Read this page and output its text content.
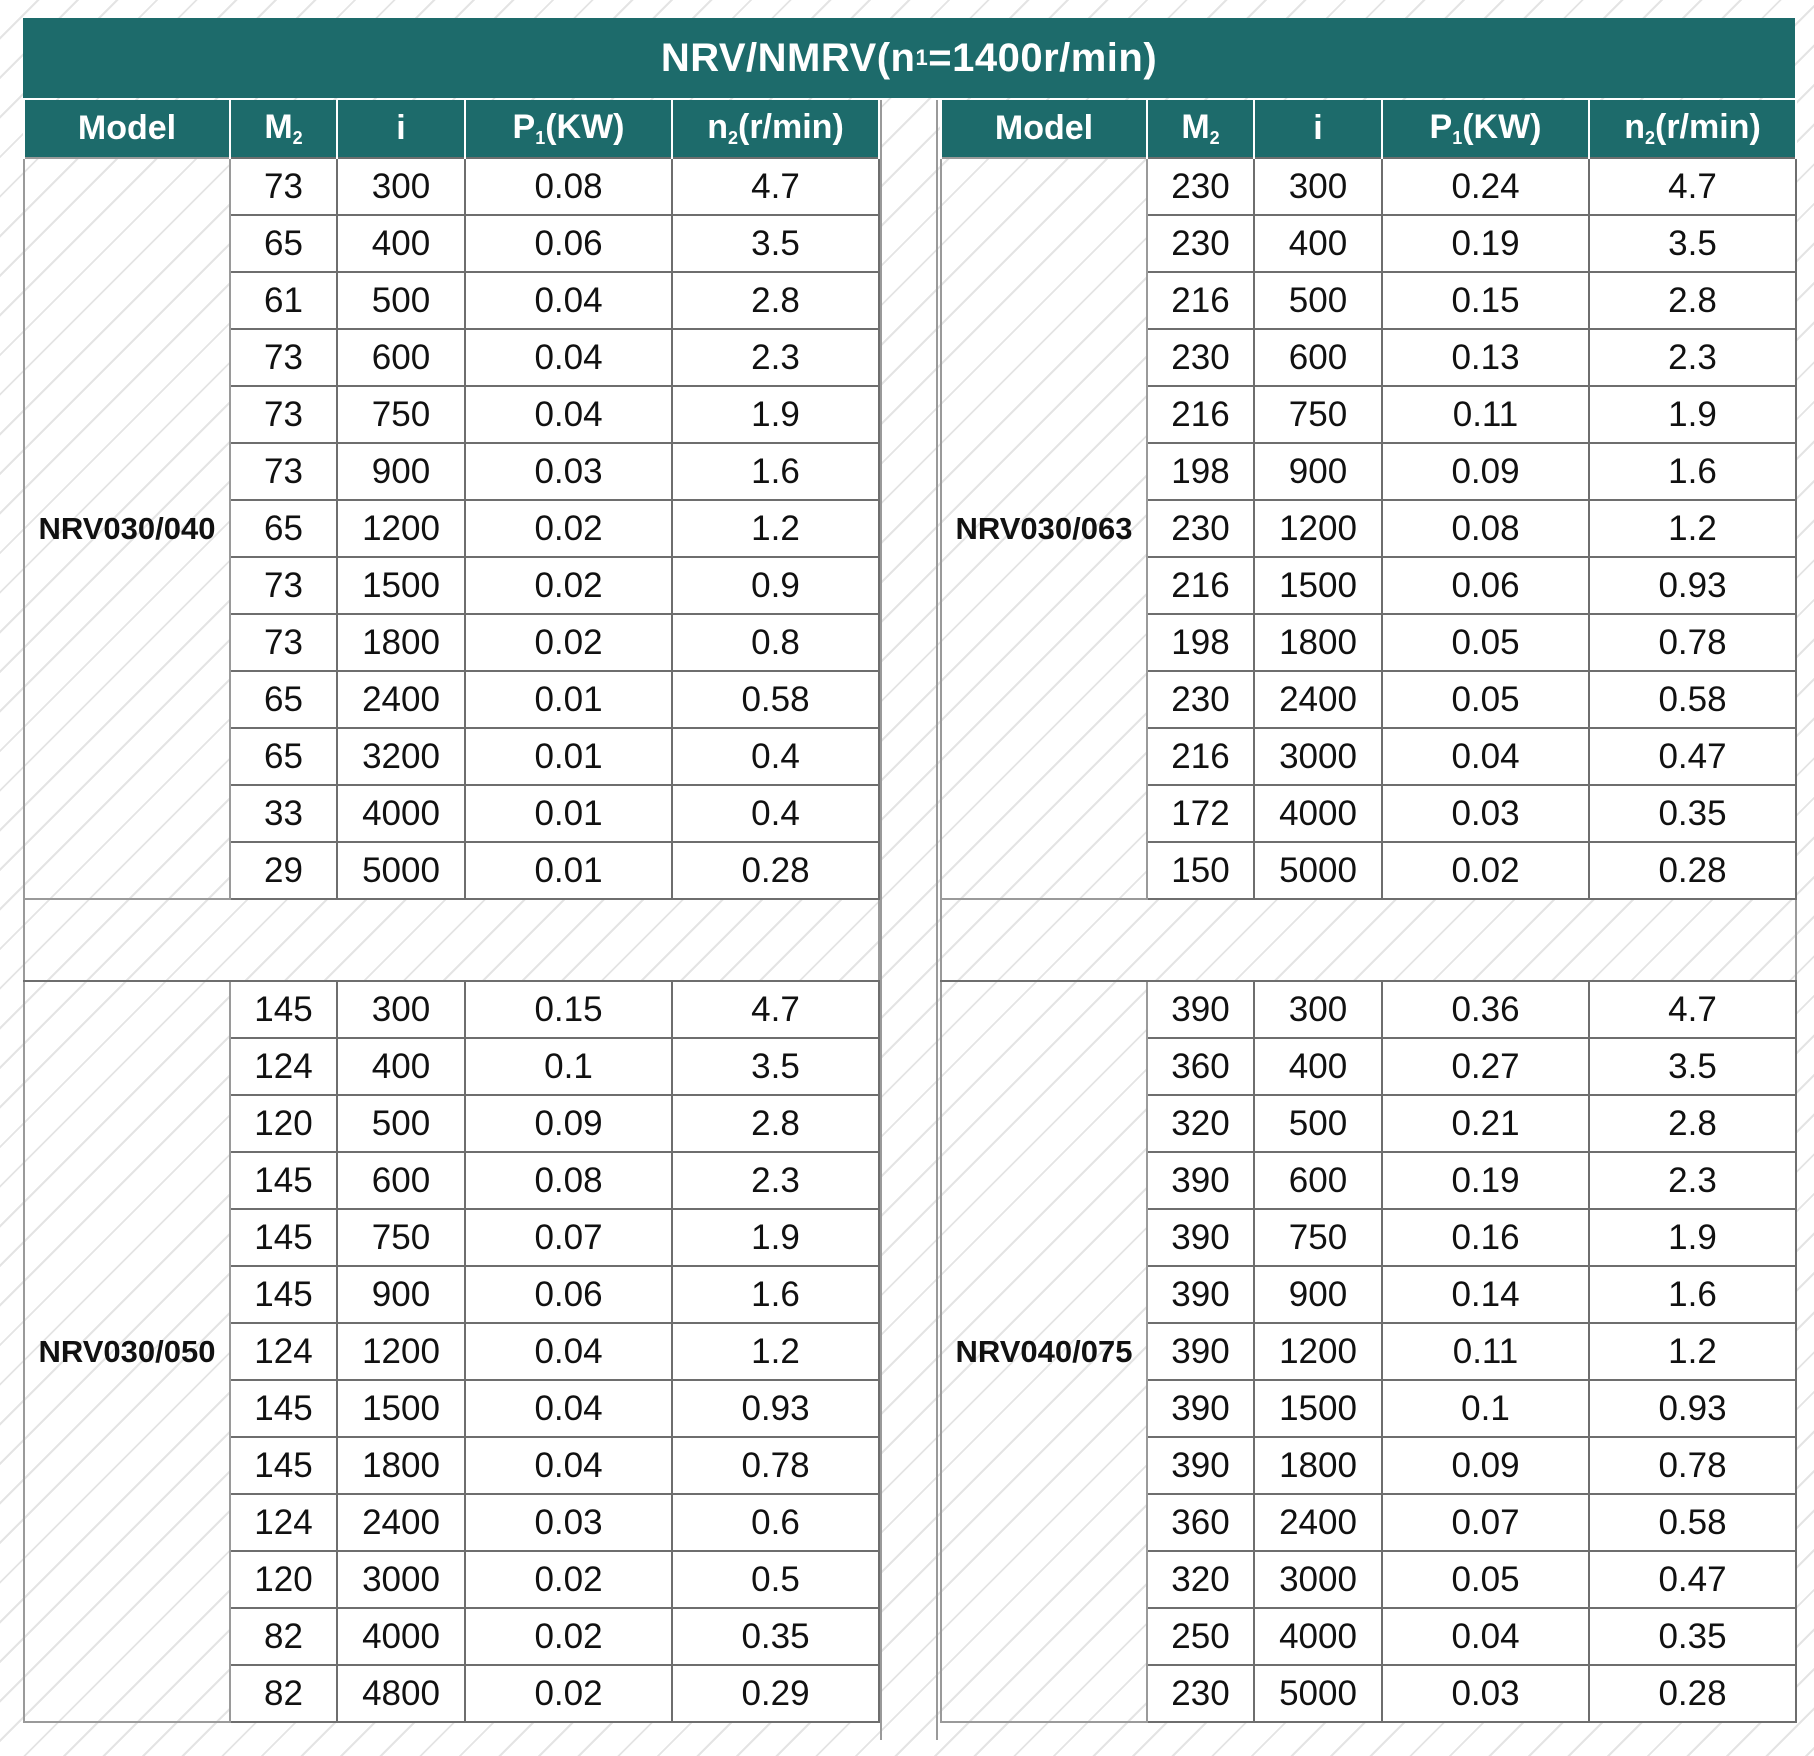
NRV/NMRV(n 1 =1400r/min)
Model	$M_2$	i	$P_1(KW)$	$n_2(r/\min)$
NRV030/040	73	300	0.08	4.7
	65	400	0.06	3.5
	61	500	0.04	2.8
	73	600	0.04	2.3
	73	750	0.04	1.9
	73	900	0.03	1.6
	65	1200	0.02	1.2
	73	1500	0.02	0.9
	73	1800	0.02	0.8
	65	2400	0.01	0.58
	65	3200	0.01	0.4
	33	4000	0.01	0.4
	29	5000	0.01	0.28

NRV030/050	145	300	0.15	4.7
	124	400	0.1	3.5
	120	500	0.09	2.8
	145	600	0.08	2.3
	145	750	0.07	1.9
	145	900	0.06	1.6
	124	1200	0.04	1.2
	145	1500	0.04	0.93
	145	1800	0.04	0.78
	124	2400	0.03	0.6
	120	3000	0.02	0.5
	82	4000	0.02	0.35
	82	4800	0.02	0.29
Model	$M_2$	i	$P_1(KW)$	$n_2(r/\min)$
NRV030/063	230	300	0.24	4.7
	230	400	0.19	3.5
	216	500	0.15	2.8
	230	600	0.13	2.3
	216	750	0.11	1.9
	198	900	0.09	1.6
	230	1200	0.08	1.2
	216	1500	0.06	0.93
	198	1800	0.05	0.78
	230	2400	0.05	0.58
	216	3000	0.04	0.47
	172	4000	0.03	0.35
	150	5000	0.02	0.28

NRV040/075	390	300	0.36	4.7
	360	400	0.27	3.5
	320	500	0.21	2.8
	390	600	0.19	2.3
	390	750	0.16	1.9
	390	900	0.14	1.6
	390	1200	0.11	1.2
	390	1500	0.1	0.93
	390	1800	0.09	0.78
	360	2400	0.07	0.58
	320	3000	0.05	0.47
	250	4000	0.04	0.35
	230	5000	0.03	0.28
